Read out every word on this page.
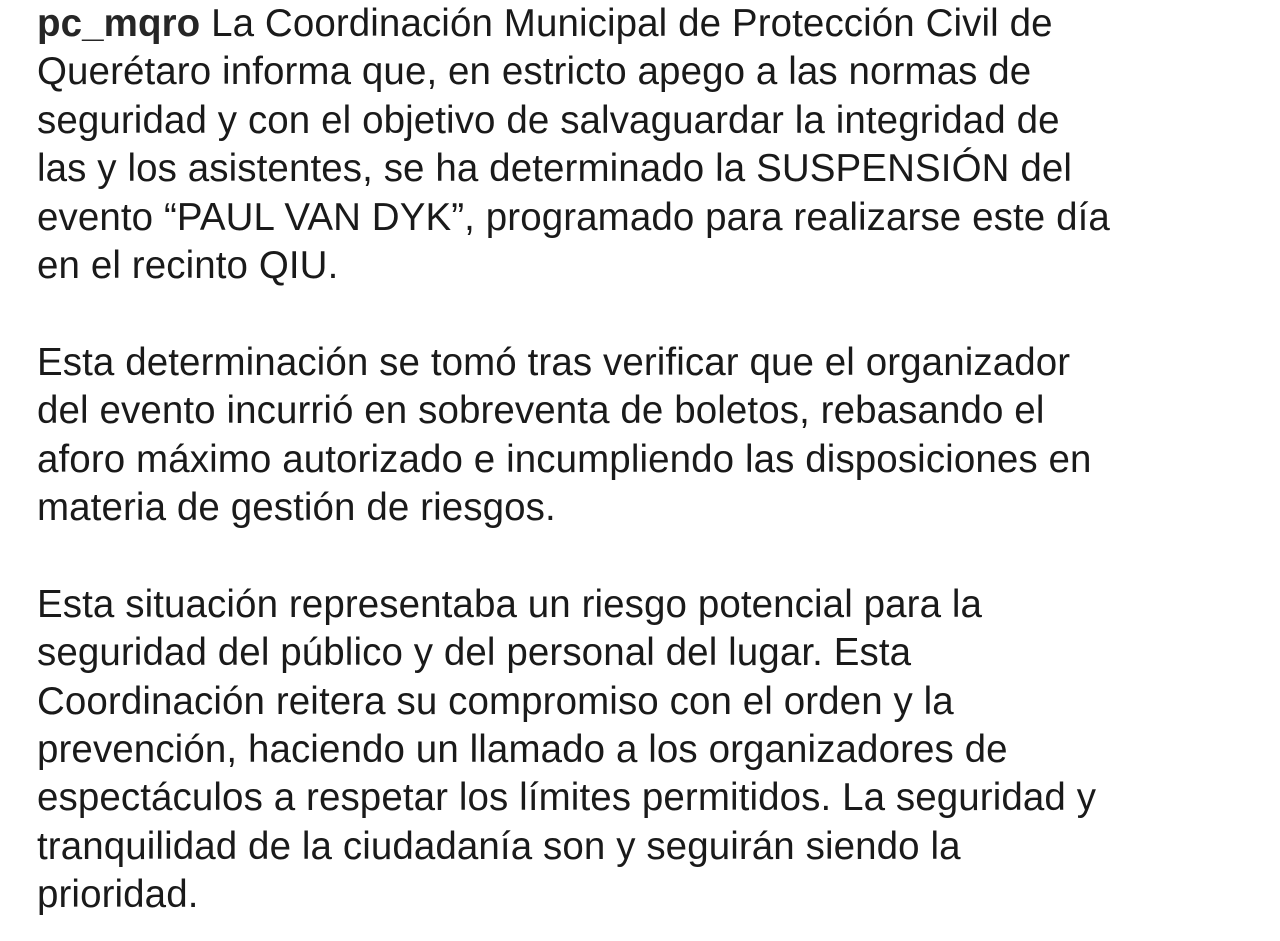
pc_mqro La Coordinación Municipal de Protección Civil de
Querétaro informa que, en estricto apego a las normas de
seguridad y con el objetivo de salvaguardar la integridad de
las y los asistentes, se ha determinado la SUSPENSIÓN del
evento “PAUL VAN DYK”, programado para realizarse este día
en el recinto QIU.
Esta determinación se tomó tras verificar que el organizador
del evento incurrió en sobreventa de boletos, rebasando el
aforo máximo autorizado e incumpliendo las disposiciones en
materia de gestión de riesgos.
Esta situación representaba un riesgo potencial para la
seguridad del público y del personal del lugar. Esta
Coordinación reitera su compromiso con el orden y la
prevención, haciendo un llamado a los organizadores de
espectáculos a respetar los límites permitidos. La seguridad y
tranquilidad de la ciudadanía son y seguirán siendo la
prioridad.
